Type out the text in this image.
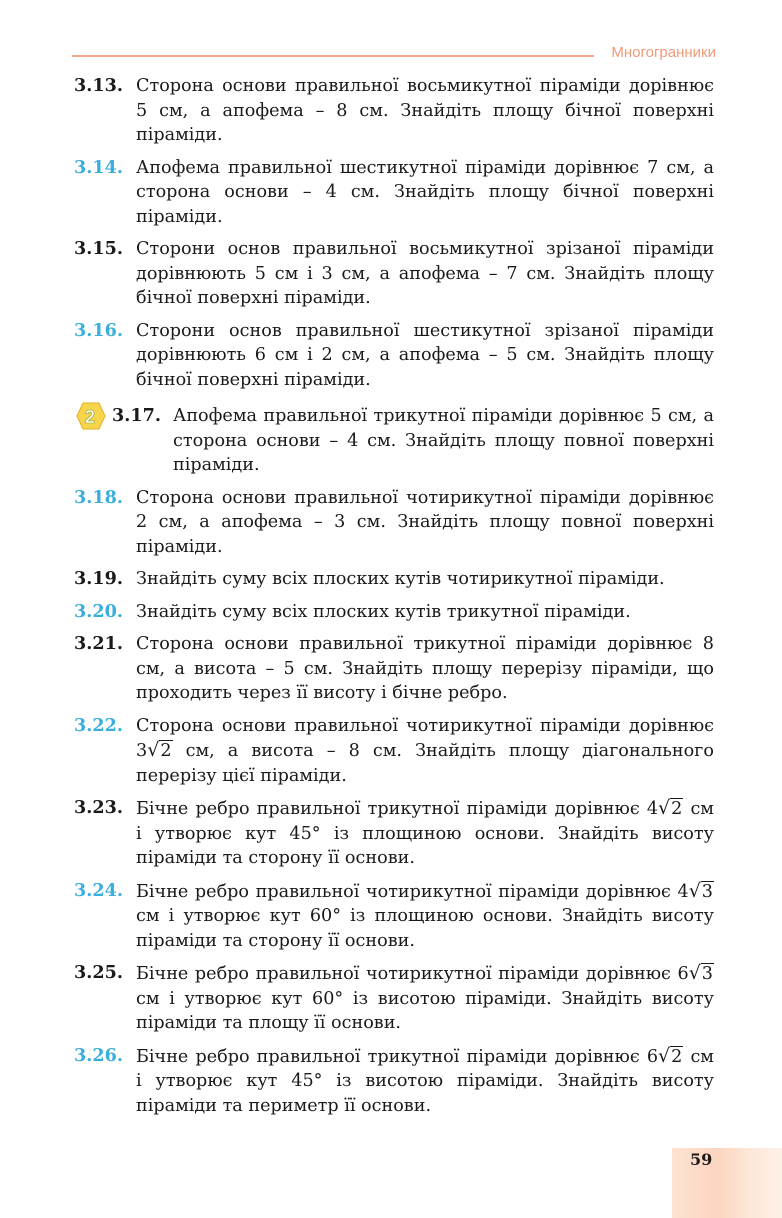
Многогранники
3.13. Сторона основи правильної восьмикутної піраміди дорівнює 5 см, а апофема – 8 см. Знайдіть площу бічної поверхні піраміди.
3.14. Апофема правильної шестикутної піраміди дорівнює 7 см, а сторона основи – 4 см. Знайдіть площу бічної поверхні піраміди.
3.15. Сторони основ правильної восьмикутної зрізаної піраміди дорівнюють 5 см і 3 см, а апофема – 7 см. Знайдіть площу бічної поверхні піраміди.
3.16. Сторони основ правильної шестикутної зрізаної піраміди дорівнюють 6 см і 2 см, а апофема – 5 см. Знайдіть площу бічної поверхні піраміди.
2 3.17. Апофема правильної трикутної піраміди дорівнює 5 см, а сторона основи – 4 см. Знайдіть площу повної поверхні піраміди.
3.18. Сторона основи правильної чотирикутної піраміди дорівнює 2 см, а апофема – 3 см. Знайдіть площу повної поверхні піраміди.
3.19. Знайдіть суму всіх плоских кутів чотирикутної піраміди.
3.20. Знайдіть суму всіх плоских кутів трикутної піраміди.
3.21. Сторона основи правильної трикутної піраміди дорівнює 8 см, а висота – 5 см. Знайдіть площу перерізу піраміди, що проходить через її висоту і бічне ребро.
3.22. Сторона основи правильної чотирикутної піраміди дорівнює 3√2 см, а висота – 8 см. Знайдіть площу діагонального перерізу цієї піраміди.
3.23. Бічне ребро правильної трикутної піраміди дорівнює 4√2 см і утворює кут 45° із площиною основи. Знайдіть висоту піраміди та сторону її основи.
3.24. Бічне ребро правильної чотирикутної піраміди дорівнює 4√3 см і утворює кут 60° із площиною основи. Знайдіть висоту піраміди та сторону її основи.
3.25. Бічне ребро правильної чотирикутної піраміди дорівнює 6√3 см і утворює кут 60° із висотою піраміди. Знайдіть висоту піраміди та площу її основи.
3.26. Бічне ребро правильної трикутної піраміди дорівнює 6√2 см і утворює кут 45° із висотою піраміди. Знайдіть висоту піраміди та периметр її основи.
59
